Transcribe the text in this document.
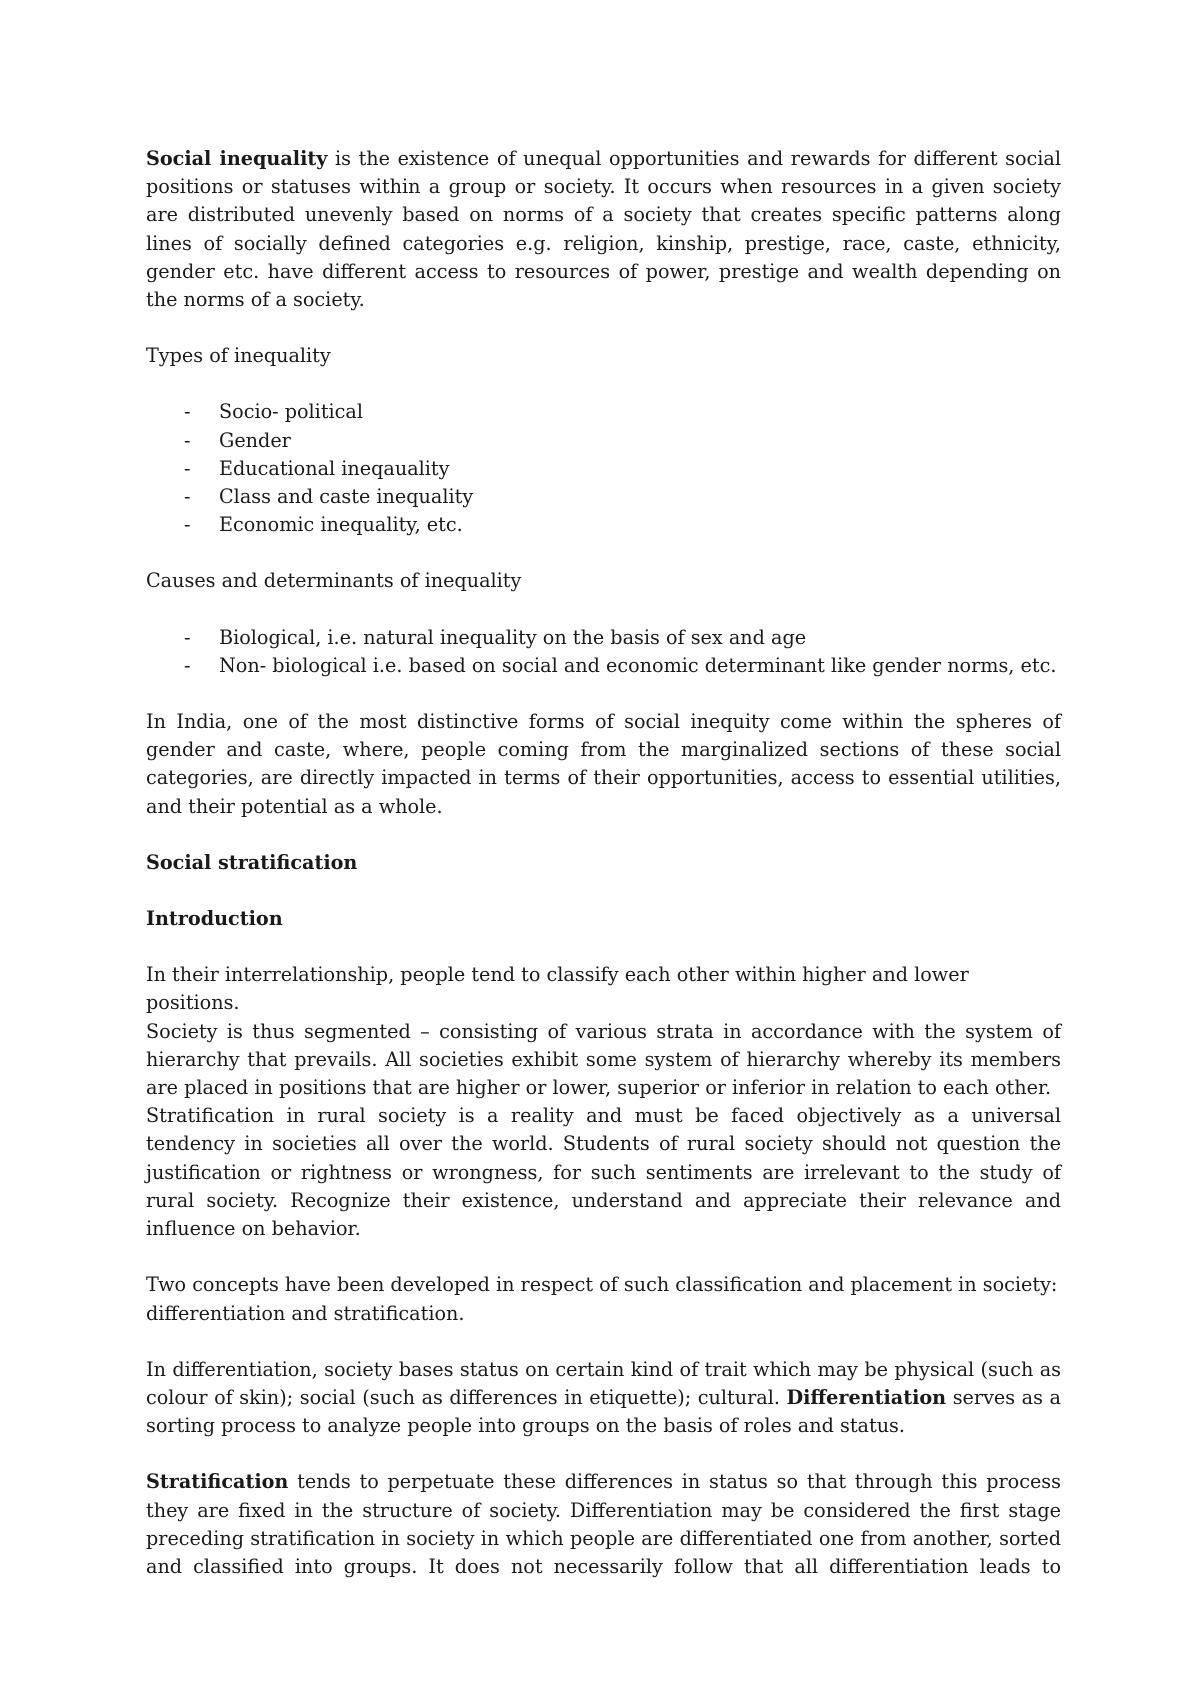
Social inequality is the existence of unequal opportunities and rewards for different social positions or statuses within a group or society. It occurs when resources in a given society are distributed unevenly based on norms of a society that creates specific patterns along lines of socially defined categories e.g. religion, kinship, prestige, race, caste, ethnicity, gender etc. have different access to resources of power, prestige and wealth depending on the norms of a society.

Types of inequality

- Socio- political
- Gender
- Educational ineqauality
- Class and caste inequality
- Economic inequality, etc.

Causes and determinants of inequality

- Biological, i.e. natural inequality on the basis of sex and age
- Non- biological i.e. based on social and economic determinant like gender norms, etc.

In India, one of the most distinctive forms of social inequity come within the spheres of gender and caste, where, people coming from the marginalized sections of these social categories, are directly impacted in terms of their opportunities, access to essential utilities, and their potential as a whole.

Social stratification

Introduction

In their interrelationship, people tend to classify each other within higher and lower positions.
Society is thus segmented – consisting of various strata in accordance with the system of hierarchy that prevails. All societies exhibit some system of hierarchy whereby its members are placed in positions that are higher or lower, superior or inferior in relation to each other.
Stratification in rural society is a reality and must be faced objectively as a universal tendency in societies all over the world. Students of rural society should not question the justification or rightness or wrongness, for such sentiments are irrelevant to the study of rural society. Recognize their existence, understand and appreciate their relevance and influence on behavior.

Two concepts have been developed in respect of such classification and placement in society:
differentiation and stratification.

In differentiation, society bases status on certain kind of trait which may be physical (such as colour of skin); social (such as differences in etiquette); cultural. Differentiation serves as a sorting process to analyze people into groups on the basis of roles and status.

Stratification tends to perpetuate these differences in status so that through this process they are fixed in the structure of society. Differentiation may be considered the first stage preceding stratification in society in which people are differentiated one from another, sorted and classified into groups. It does not necessarily follow that all differentiation leads to
